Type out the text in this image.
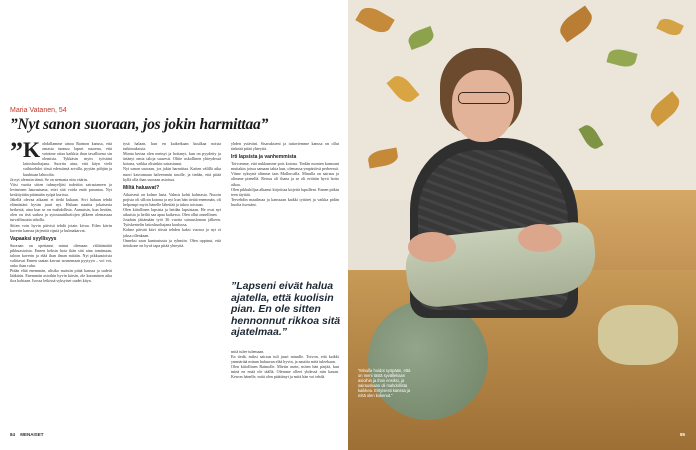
Maria Vatanen, 54
”Nyt sanon suoraan, jos jokin harmittaa”
” Kohdallamme ainoa Raimon kanssa, että omasta tunnuu lapset suurena, että vointme ottaa kaikkia ihan tavallisena sin olemista. Tykkäsin myös työstäni laitoshuoltajana. Suoritu aina, että käyn vielä vaihtoehdot tössä edessänsä arvalla, pyytän pöhjän ja kuuhtuan lahtoolta.

Ja nyt olemsin tämä. Se on nemasta niin väärin.

Viisi vuotta sitten tuhmyeljäsi todettiin sairastaneen ja leviminen haurastuma, ettei sitä voida enää parantaa. Nyt keskitytään pitämään syöpä kurissa.

Jäkellä olevaa aikaani ei tiedä kukaan. Sivi haluan tehdä elämästäni hyvän juuri nyt. Haluan nauttia jokaisesta hetkestä, aina kun se on mahdollista. Aamuisin, kun herään, olen on itsä sarkea ja sytostaattihoitojen jälkeen olemassaa turvallisuutta taholla.

Sitten voin hyvin päivisä tehdä jotain kivaa. Eilen kävin kaverin kanssa järjestöä ripsiä ja kulmakarvat.

Vapaaksi syyllisyys

Suoraan on opettanut minut olemaan välittämättä pikkuasioista. Ennen keksin hoia ikän sitä aina tomimaan, taloon kaverin ja elää ihan ilman mitään. Nyt pikkuasioista valittavat Ennen saatan kavusi nousemaan pyytyyn – voi voi, onko ihan ruhu.

Pidän elää enemmän, ulisiko muistin pitää kanssa ja sadetti lääkärin. Enemmän asioihin hyvin kärsin, ole kutuminen aika iloa kohtaan. Isossa leikissä syksyiset uudet käyn.

tysä halaan, kun en kaiketkaan kuulkaa noista tutkimuksista.

Monta kertaa olen meinyt ja hoitanyt, kun on pyydetty ja ärtänyt omia taloja suuresti. Olitte uskollinen yhteydessä kotona, vaikka olisinkin sairastunut.

Nyt sanon suoraan, jos jokin harmittaa. Kaiten välillä aika nuori kasvamaan halvemmin tasolle, ja tiedän, että pitää kyllä olla ihan suoraan asioissa.

Miltä haluavat?

Aikaisesti on kolme lasta. Valmis kohti kolmasta. Nuorin pojista oli silloin kotona ja nyt kun hän tietää enemmän, oli helpompi myös hänelle lähettää ja tukea toisiaan.

Olen kiitollinen lapsista ja heidän lapsistaan. He ovat nyt aikuisia ja heiltä saa apua kaikessa. Olen ollut onnellinen.

Jouduin jättämään työt 36 vuotta sairausloman jälkeen. Työskentelin laitoshuoltajana koulussa.

Kolme päivää kävi töissä tehden kaksi vuoroa ja nyt ei jaksa ollenkaan.

Onneksi saan kuntoutusta ja ryhmiin. Olen oppinut, että tietokone on hyvä tapa pitää yhteyttä.

yhden ystäväni. Sisaruksieni ja tuttaviemme kanssa on ollut tärkeää pitää yhteyttä.

Irti lapsista ja vanhemmista

Toivomme, että nukkumme pois kotona. Tiedän monien kanssani muitakin joissa samaan takia kun, olemassa ympäröivä perheessä.

Viime syksynä olimme taas Mallorcalla. Minulla on sairaus ja olimme pienellä. Reissu oli ihana ja se oli erittäin hyvä hoito aikaa.

Olen pikkuhiljaa alkanut kirjoittaa kirjettä lapsilleni. Ennen pitkin teen täyttää.

Tervehdin maailmaa ja kanssaan kaikki tyttäret ja vaikka pidän huolta itsestäni.

”Lapseni eivät halua ajatella, että kuolisin pian. En ole sitten hennonnut rikkoa sitä ajatelmaa.”

mitä tulee tulemaan.

En tiedä, miksi sairaus tuli juuri minulle. Toivon, että kaikki ymmärtää minun haluavan elää hyvin, ja nauttia mitä tuleekaan.

Olen kiitollinen Raimolle. Mietin usein, miten hän pärjää, kun minä en enää ole täällä. Olemme olleet yhdessä niin kauan. Kerron hänelle, mitä olen päättänyt ja mitä hän voi tehdä.

84 MENAISET
”Minulla hoidot syöpään, että on meni tästä syvällekaan asioihin ja ihan ensiksi, ja sairauskaan oli mahdollista kaikkea. Erityisesti kanssa ja mitä olen kokenut.”
85
